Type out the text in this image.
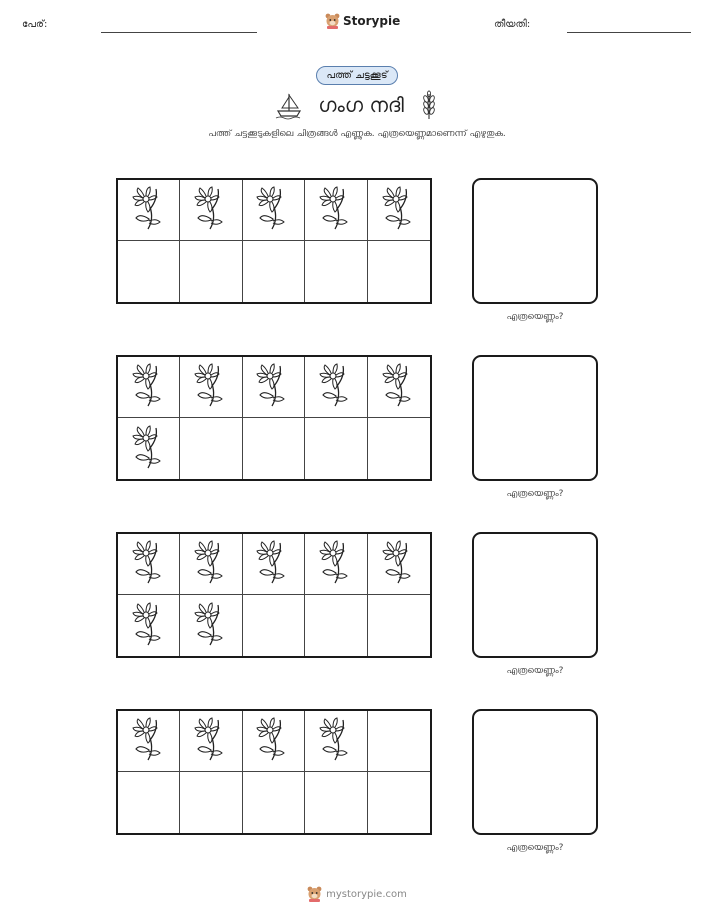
പേര്:	Storypie	തീയതി:
പത്ത് ചട്ടക്കൂട്
ഗംഗ നദി
പത്ത് ചട്ടക്കൂടുകളിലെ ചിത്രങ്ങൾ എണ്ണുക. എത്രയെണ്ണമാണെന്ന് എഴുതുക.
എത്രയെണ്ണം?
എത്രയെണ്ണം?
എത്രയെണ്ണം?
എത്രയെണ്ണം?
mystorypie.com
